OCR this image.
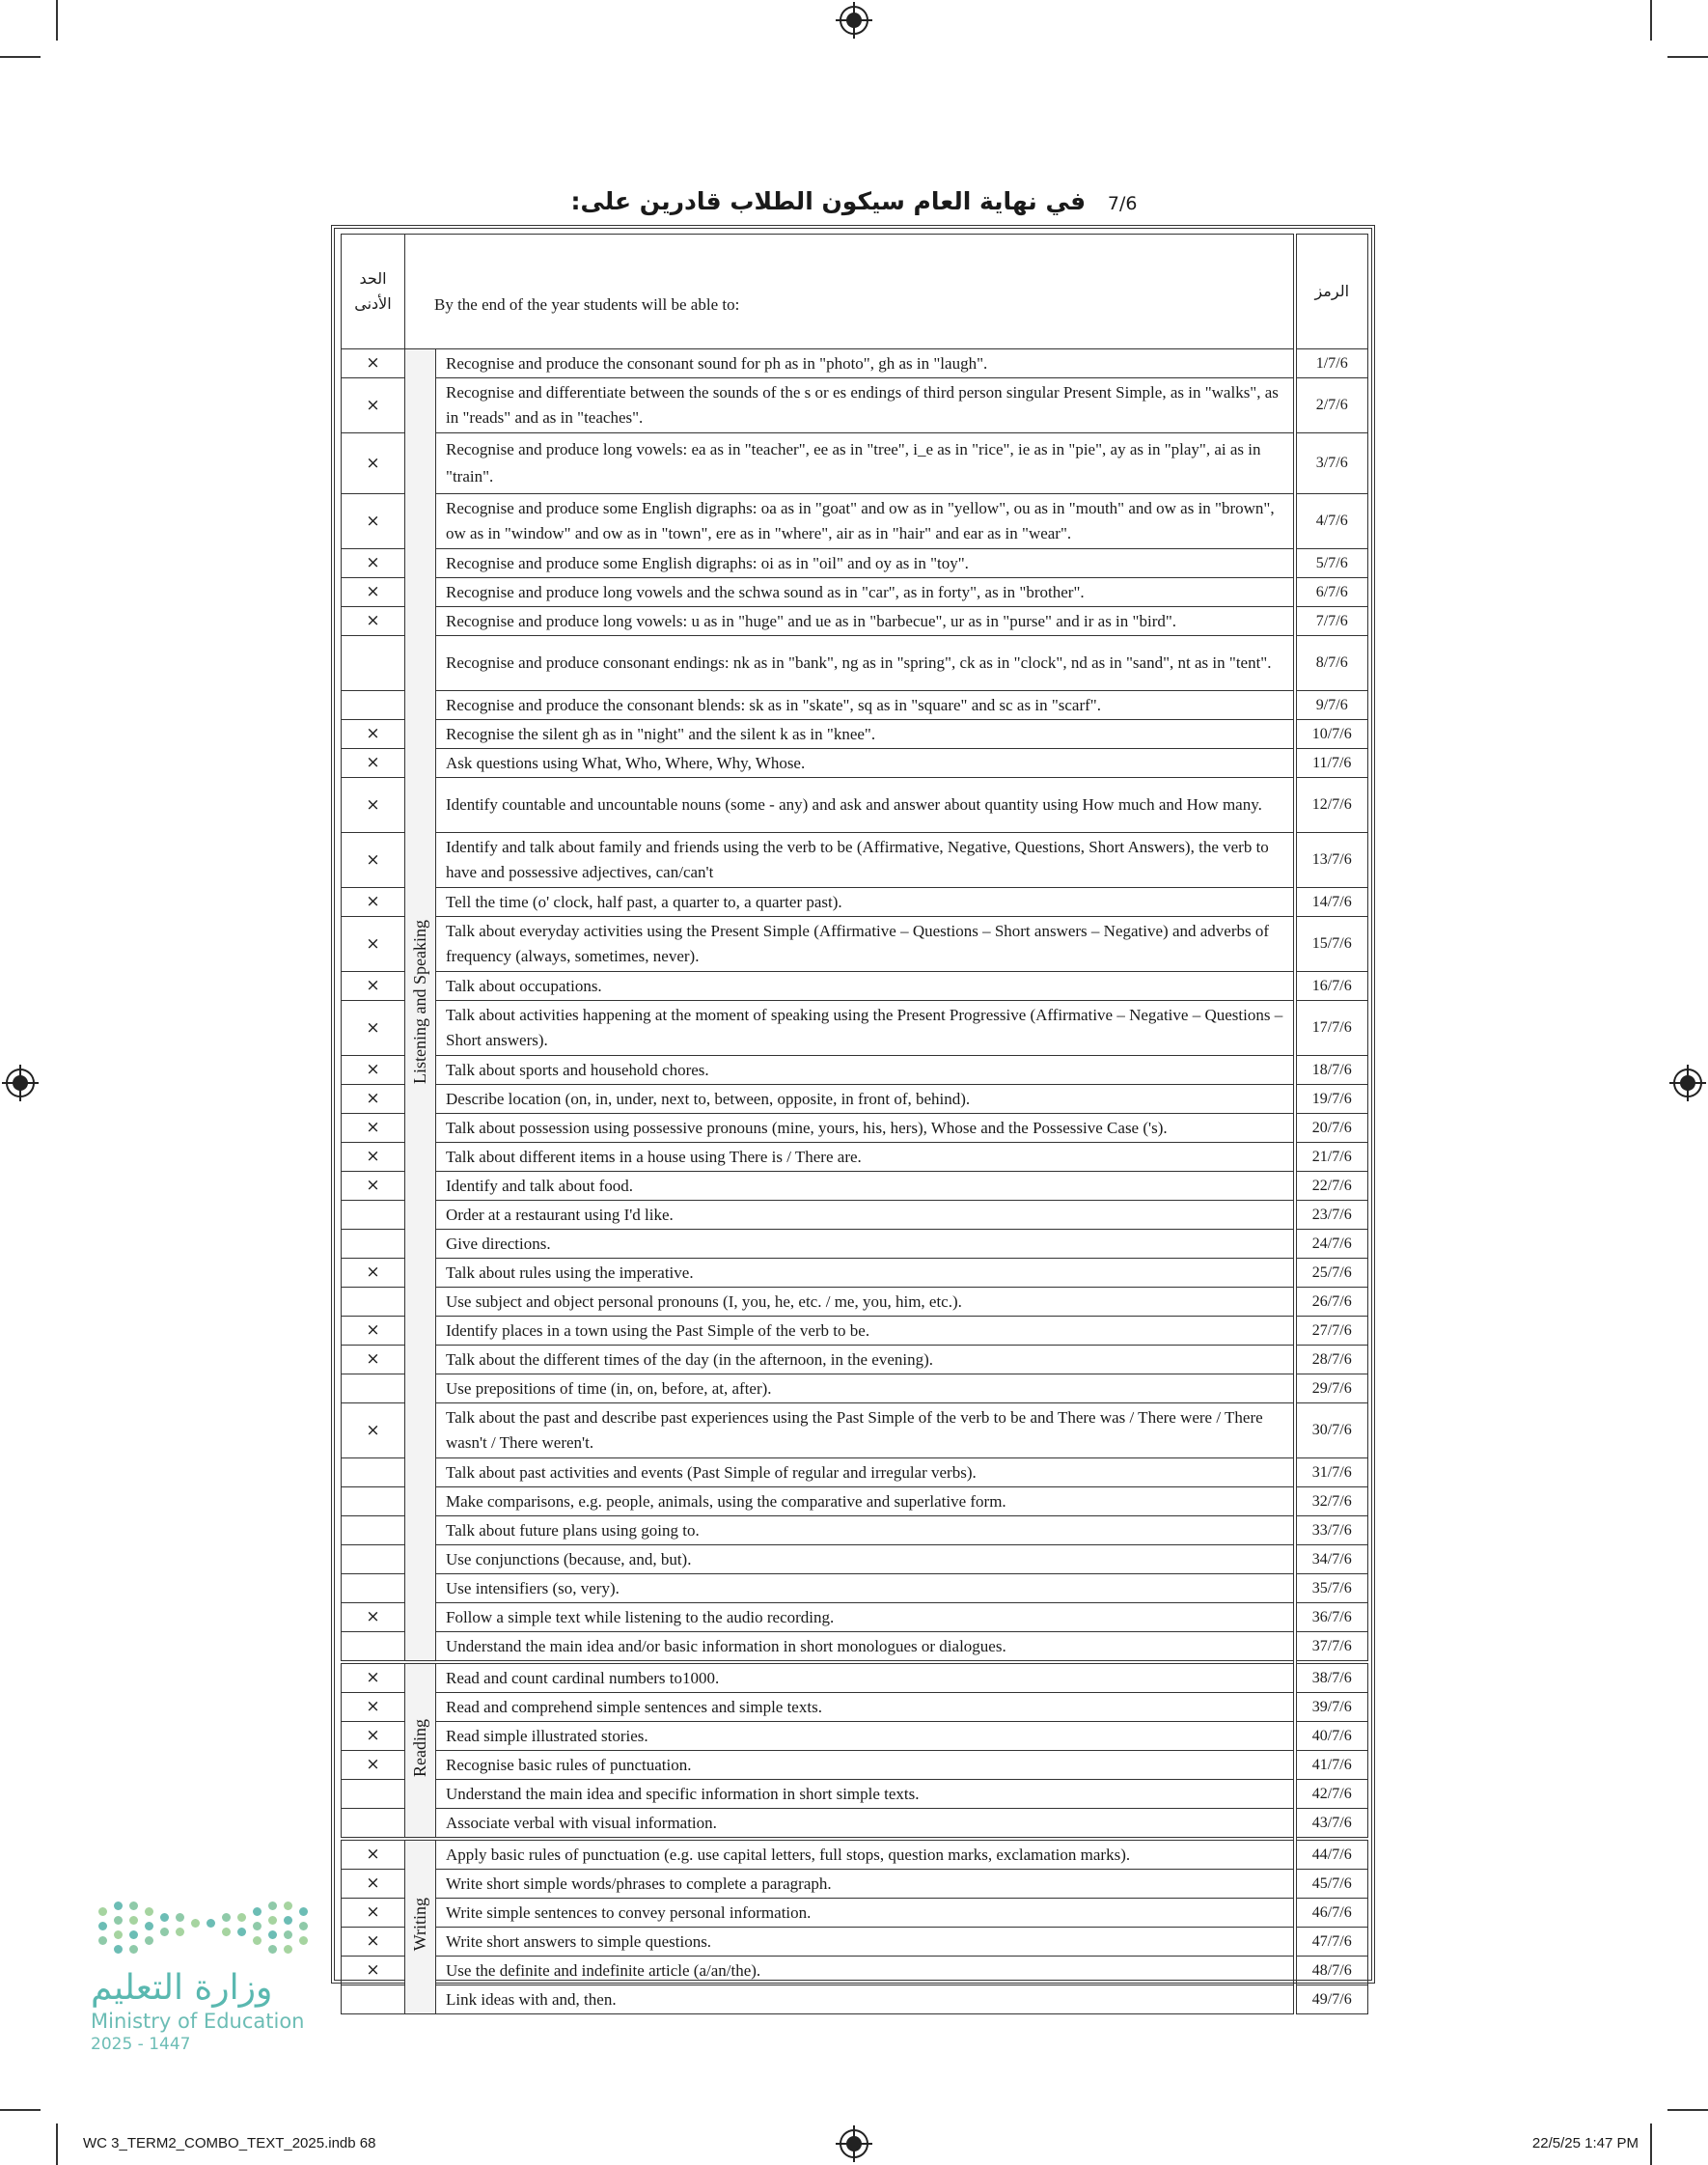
7/6 في نهاية العام سيكون الطلاب قادرين على:
الحد الأدنى	By the end of the year students will be able to:		الرمز
×	Listening and Speaking	Recognise and produce the consonant sound for ph as in "photo", gh as in "laugh".	1/7/6
×		Recognise and differentiate between the sounds of the s or es endings of third person singular Present Simple, as in "walks", as in "reads" and as in "teaches".	2/7/6
×		Recognise and produce long vowels: ea as in "teacher", ee as in "tree", i_e as in "rice", ie as in "pie", ay as in "play", ai as in "train".	3/7/6
×		Recognise and produce some English digraphs: oa as in "goat" and ow as in "yellow", ou as in "mouth" and ow as in "brown", ow as in "window" and ow as in "town", ere as in "where", air as in "hair" and ear as in "wear".	4/7/6
×		Recognise and produce some English digraphs: oi as in "oil" and oy as in "toy".	5/7/6
×		Recognise and produce long vowels and the schwa sound as in "car", as in forty", as in "brother".	6/7/6
×		Recognise and produce long vowels: u as in "huge" and ue as in "barbecue", ur as in "purse" and ir as in "bird".	7/7/6
		Recognise and produce consonant endings: nk as in "bank", ng as in "spring", ck as in "clock", nd as in "sand", nt as in "tent".	8/7/6
		Recognise and produce the consonant blends: sk as in "skate", sq as in "square" and sc as in "scarf".	9/7/6
×		Recognise the silent gh as in "night" and the silent k as in "knee".	10/7/6
×		Ask questions using What, Who, Where, Why, Whose.	11/7/6
×		Identify countable and uncountable nouns (some - any) and ask and answer about quantity using How much and How many.	12/7/6
×		Identify and talk about family and friends using the verb to be (Affirmative, Negative, Questions, Short Answers), the verb to have and possessive adjectives, can/can't	13/7/6
×		Tell the time (o' clock, half past, a quarter to, a quarter past).	14/7/6
×		Talk about everyday activities using the Present Simple (Affirmative – Questions – Short answers – Negative) and adverbs of frequency (always, sometimes, never).	15/7/6
×		Talk about occupations.	16/7/6
×		Talk about activities happening at the moment of speaking using the Present Progressive (Affirmative – Negative – Questions – Short answers).	17/7/6
×		Talk about sports and household chores.	18/7/6
×		Describe location (on, in, under, next to, between, opposite, in front of, behind).	19/7/6
×		Talk about possession using possessive pronouns (mine, yours, his, hers), Whose and the Possessive Case ('s).	20/7/6
×		Talk about different items in a house using There is / There are.	21/7/6
×		Identify and talk about food.	22/7/6
		Order at a restaurant using I'd like.	23/7/6
		Give directions.	24/7/6
×		Talk about rules using the imperative.	25/7/6
		Use subject and object personal pronouns (I, you, he, etc. / me, you, him, etc.).	26/7/6
×		Identify places in a town using the Past Simple of the verb to be.	27/7/6
×		Talk about the different times of the day (in the afternoon, in the evening).	28/7/6
		Use prepositions of time (in, on, before, at, after).	29/7/6
×		Talk about the past and describe past experiences using the Past Simple of the verb to be and There was / There were / There wasn't / There weren't.	30/7/6
		Talk about past activities and events (Past Simple of regular and irregular verbs).	31/7/6
		Make comparisons, e.g. people, animals, using the comparative and superlative form.	32/7/6
		Talk about future plans using going to.	33/7/6
		Use conjunctions (because, and, but).	34/7/6
		Use intensifiers (so, very).	35/7/6
×		Follow a simple text while listening to the audio recording.	36/7/6
		Understand the main idea and/or basic information in short monologues or dialogues.	37/7/6
×	Reading	Read and count cardinal numbers to1000.	38/7/6
×		Read and comprehend simple sentences and simple texts.	39/7/6
×		Read simple illustrated stories.	40/7/6
×		Recognise basic rules of punctuation.	41/7/6
		Understand the main idea and specific information in short simple texts.	42/7/6
		Associate verbal with visual information.	43/7/6
×	Writing	Apply basic rules of punctuation (e.g. use capital letters, full stops, question marks, exclamation marks).	44/7/6
×		Write short simple words/phrases to complete a paragraph.	45/7/6
×		Write simple sentences to convey personal information.	46/7/6
×		Write short answers to simple questions.	47/7/6
×		Use the definite and indefinite article (a/an/the).	48/7/6
		Link ideas with and, then.	49/7/6
وزارة التعليم
Ministry of Education
2025 - 1447
WC 3_TERM2_COMBO_TEXT_2025.indb 68	22/5/25 1:47 PM
